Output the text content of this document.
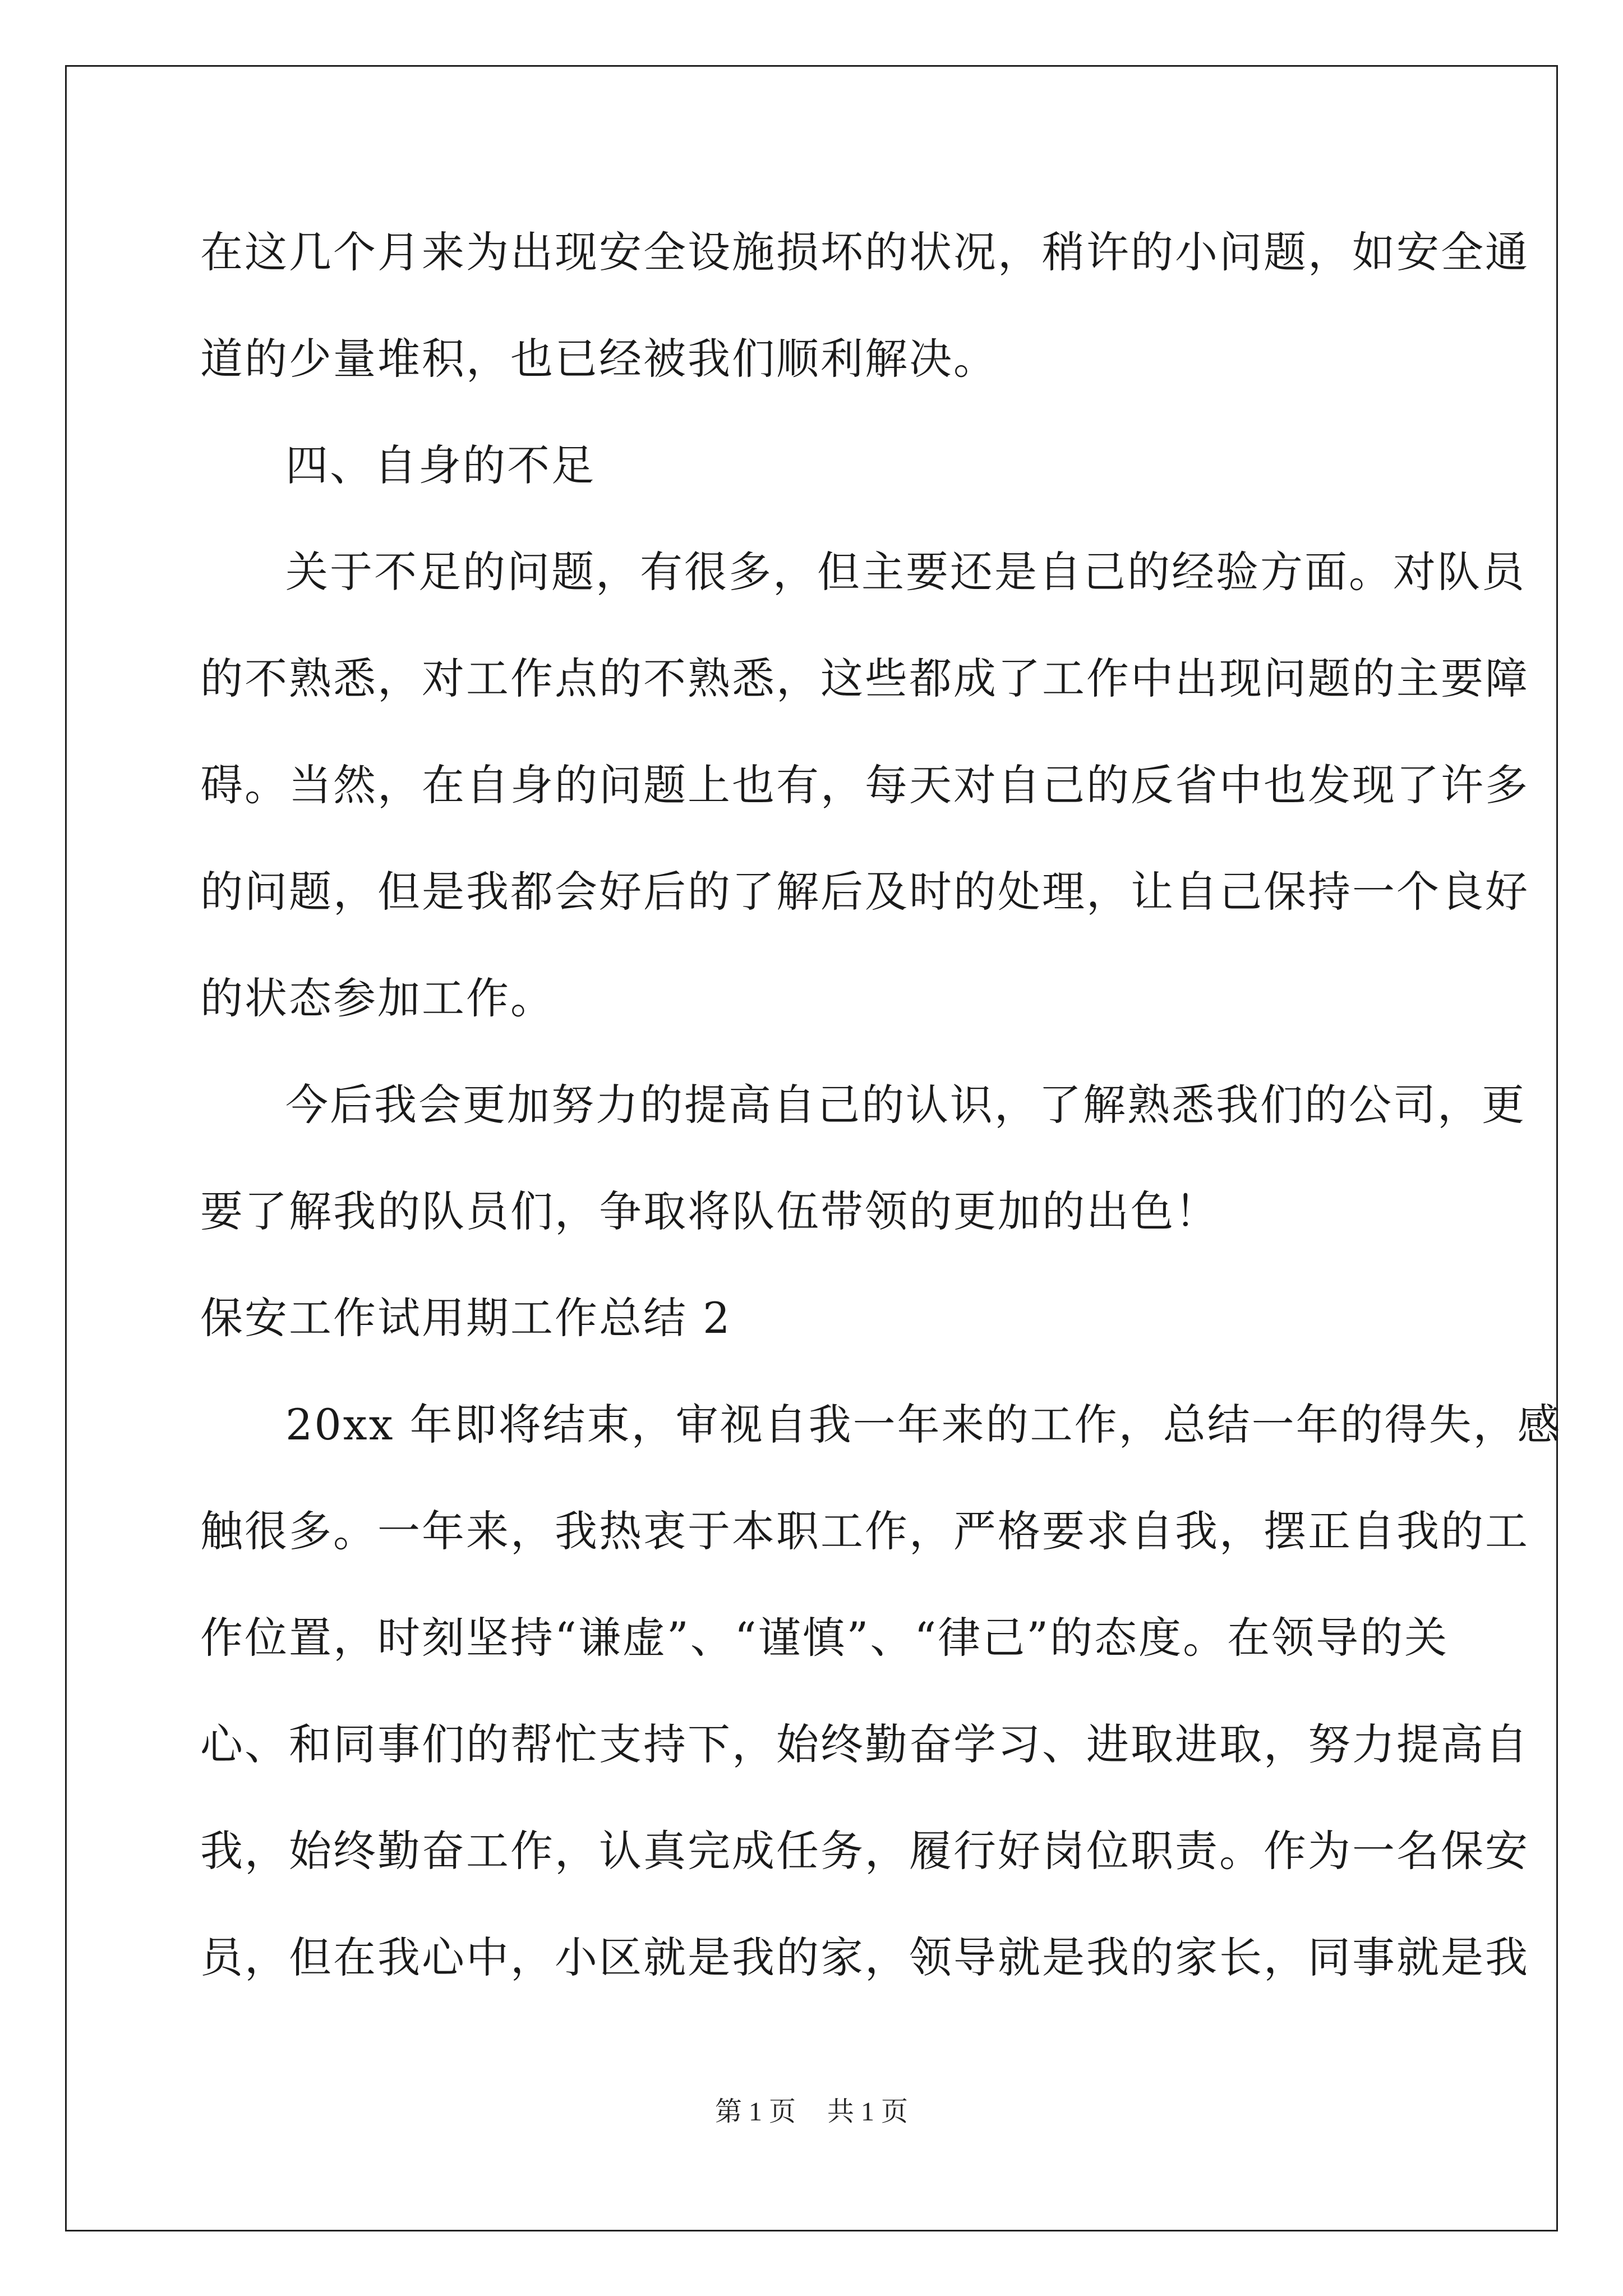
在这几个月来为出现安全设施损坏的状况，稍许的小问题，如安全通
道的少量堆积，也已经被我们顺利解决。
四、自身的不足
关于不足的问题，有很多，但主要还是自己的经验方面。对队员
的不熟悉，对工作点的不熟悉，这些都成了工作中出现问题的主要障
碍。当然，在自身的问题上也有，每天对自己的反省中也发现了许多
的问题，但是我都会好后的了解后及时的处理，让自己保持一个良好
的状态参加工作。
今后我会更加努力的提高自己的认识，了解熟悉我们的公司，更
要了解我的队员们，争取将队伍带领的更加的出色！
保安工作试用期工作总结 2
20xx 年即将结束，审视自我一年来的工作，总结一年的得失，感
触很多。一年来，我热衷于本职工作，严格要求自我，摆正自我的工
作位置，时刻坚持“谦虚”、“谨慎”、“律己”的态度。在领导的关
心、和同事们的帮忙支持下，始终勤奋学习、进取进取，努力提高自
我，始终勤奋工作，认真完成任务，履行好岗位职责。作为一名保安
员，但在我心中，小区就是我的家，领导就是我的家长，同事就是我
第 1 页 共 1 页
